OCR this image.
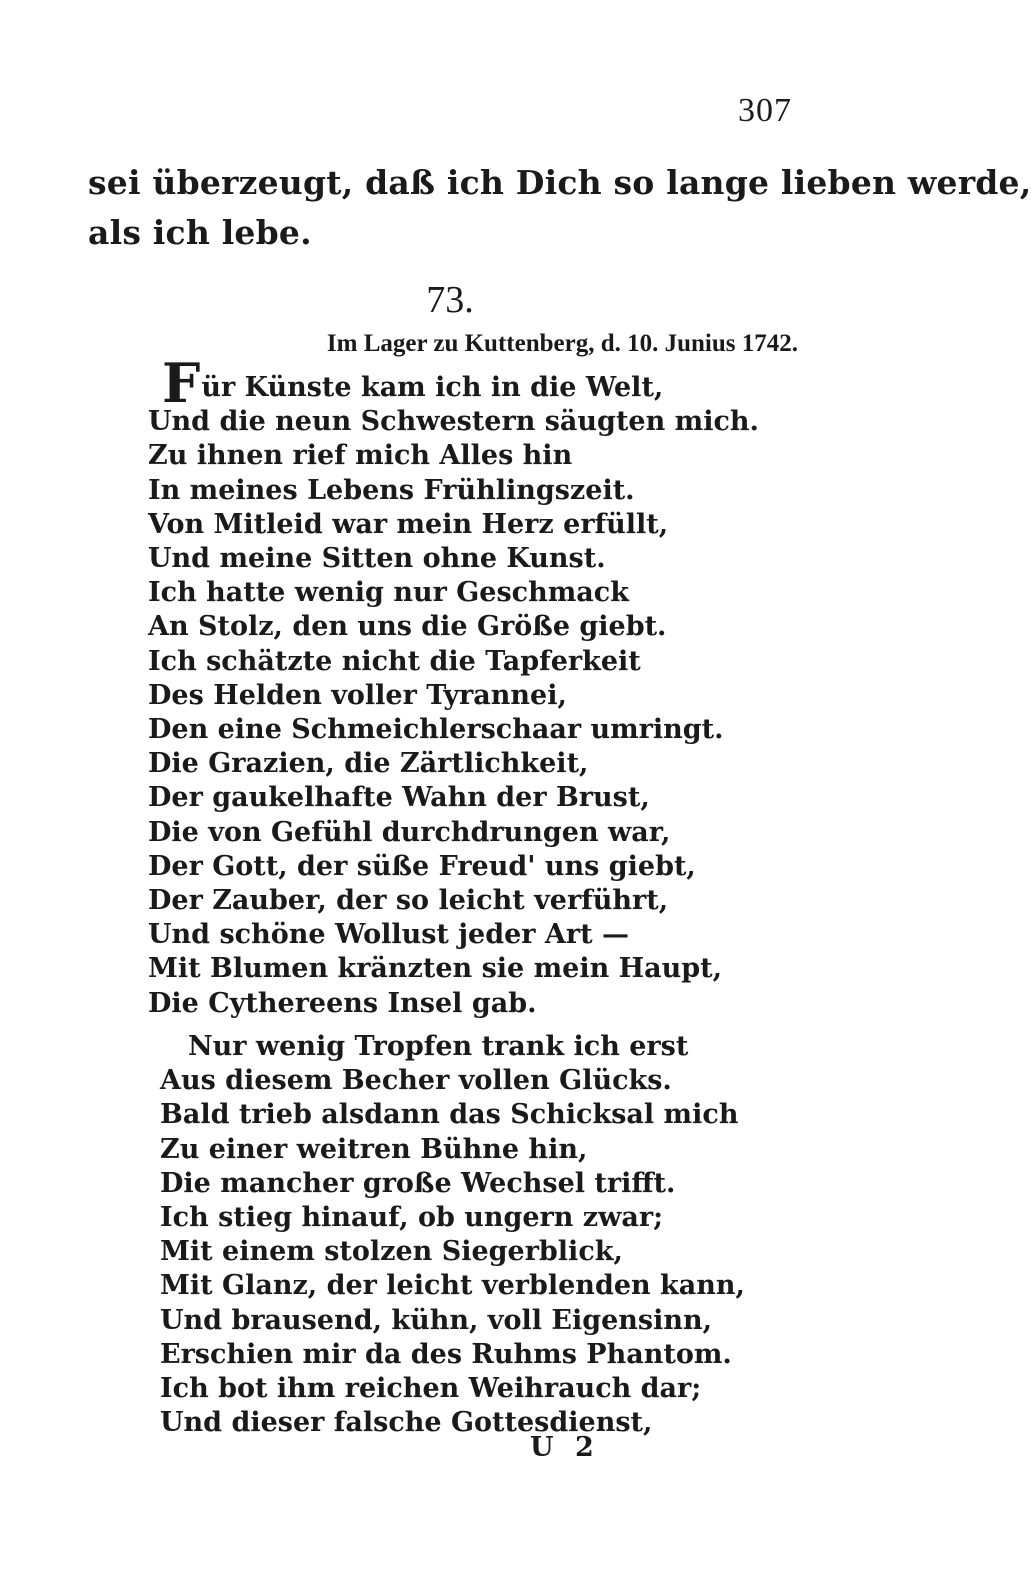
307
sei überzeugt, daß ich Dich so lange lieben werde,
als ich lebe.
73.
Im Lager zu Kuttenberg, d. 10. Junius 1742.
Für Künste kam ich in die Welt,
Und die neun Schwestern säugten mich.
Zu ihnen rief mich Alles hin
In meines Lebens Frühlingszeit.
Von Mitleid war mein Herz erfüllt,
Und meine Sitten ohne Kunst.
Ich hatte wenig nur Geschmack
An Stolz, den uns die Größe giebt.
Ich schätzte nicht die Tapferkeit
Des Helden voller Tyrannei,
Den eine Schmeichlerschaar umringt.
Die Grazien, die Zärtlichkeit,
Der gaukelhafte Wahn der Brust,
Die von Gefühl durchdrungen war,
Der Gott, der süße Freud' uns giebt,
Der Zauber, der so leicht verführt,
Und schöne Wollust jeder Art —
Mit Blumen kränzten sie mein Haupt,
Die Cythereens Insel gab.
Nur wenig Tropfen trank ich erst
Aus diesem Becher vollen Glücks.
Bald trieb alsdann das Schicksal mich
Zu einer weitren Bühne hin,
Die mancher große Wechsel trifft.
Ich stieg hinauf, ob ungern zwar;
Mit einem stolzen Siegerblick,
Mit Glanz, der leicht verblenden kann,
Und brausend, kühn, voll Eigensinn,
Erschien mir da des Ruhms Phantom.
Ich bot ihm reichen Weihrauch dar;
Und dieser falsche Gottesdienst,
U 2
